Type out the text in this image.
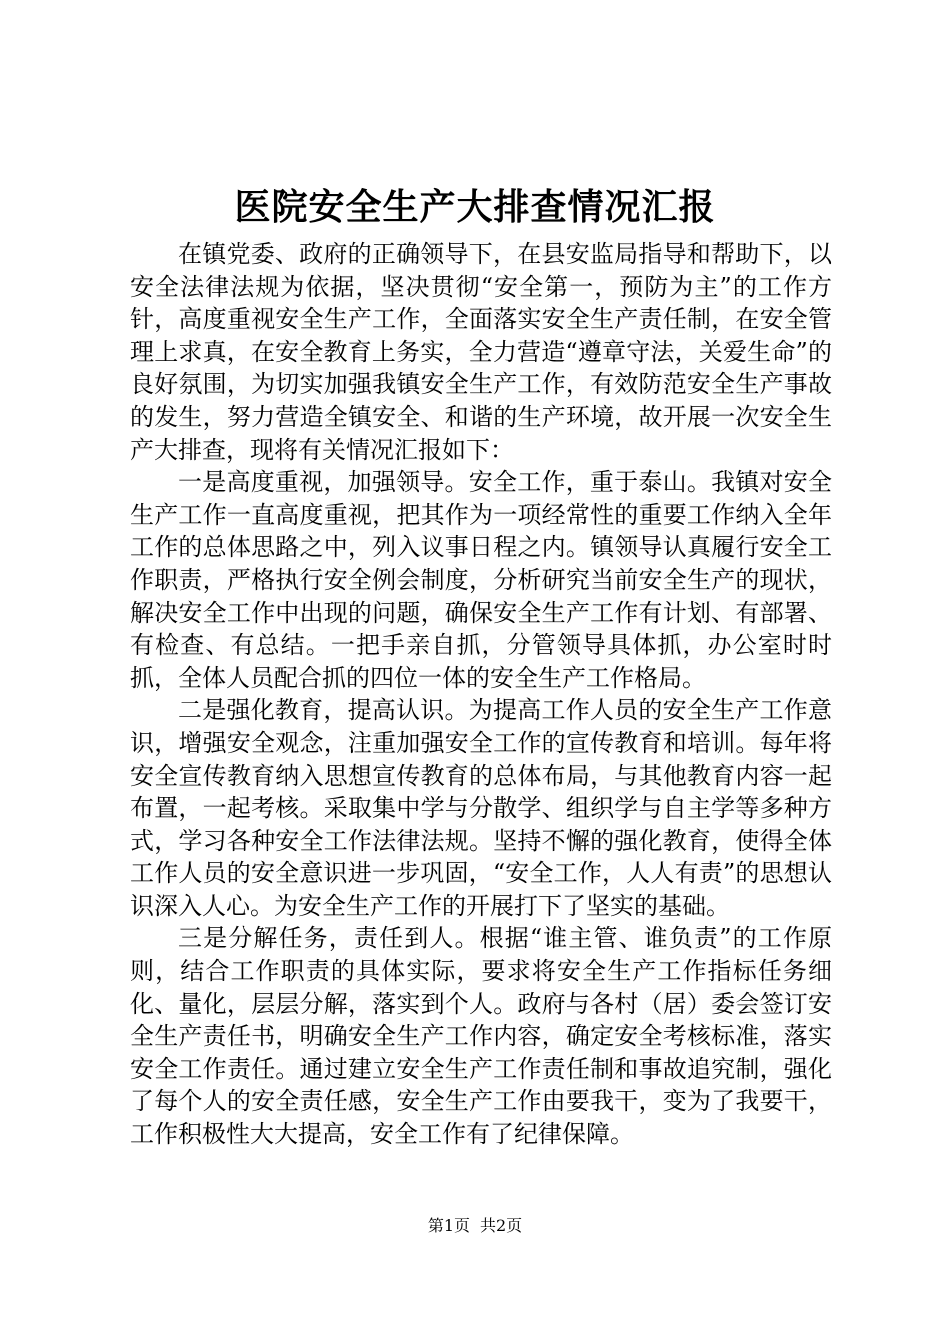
医院安全生产大排查情况汇报

在镇党委、政府的正确领导下，在县安监局指导和帮助下，以安全法律法规为依据，坚决贯彻“安全第一，预防为主”的工作方针，高度重视安全生产工作，全面落实安全生产责任制，在安全管理上求真，在安全教育上务实，全力营造“遵章守法，关爱生命”的良好氛围，为切实加强我镇安全生产工作，有效防范安全生产事故的发生，努力营造全镇安全、和谐的生产环境，故开展一次安全生产大排查，现将有关情况汇报如下：

一是高度重视，加强领导。安全工作，重于泰山。我镇对安全生产工作一直高度重视，把其作为一项经常性的重要工作纳入全年工作的总体思路之中，列入议事日程之内。镇领导认真履行安全工作职责，严格执行安全例会制度，分析研究当前安全生产的现状，解决安全工作中出现的问题，确保安全生产工作有计划、有部署、有检查、有总结。一把手亲自抓，分管领导具体抓，办公室时时抓，全体人员配合抓的四位一体的安全生产工作格局。

二是强化教育，提高认识。为提高工作人员的安全生产工作意识，增强安全观念，注重加强安全工作的宣传教育和培训。每年将安全宣传教育纳入思想宣传教育的总体布局，与其他教育内容一起布置，一起考核。采取集中学与分散学、组织学与自主学等多种方式，学习各种安全工作法律法规。坚持不懈的强化教育，使得全体工作人员的安全意识进一步巩固，“安全工作，人人有责”的思想认识深入人心。为安全生产工作的开展打下了坚实的基础。

三是分解任务，责任到人。根据“谁主管、谁负责”的工作原则，结合工作职责的具体实际，要求将安全生产工作指标任务细化、量化，层层分解，落实到个人。政府与各村（居）委会签订安全生产责任书，明确安全生产工作内容，确定安全考核标准，落实安全工作责任。通过建立安全生产工作责任制和事故追究制，强化了每个人的安全责任感，安全生产工作由要我干，变为了我要干，工作积极性大大提高，安全工作有了纪律保障。

第1页 共2页
